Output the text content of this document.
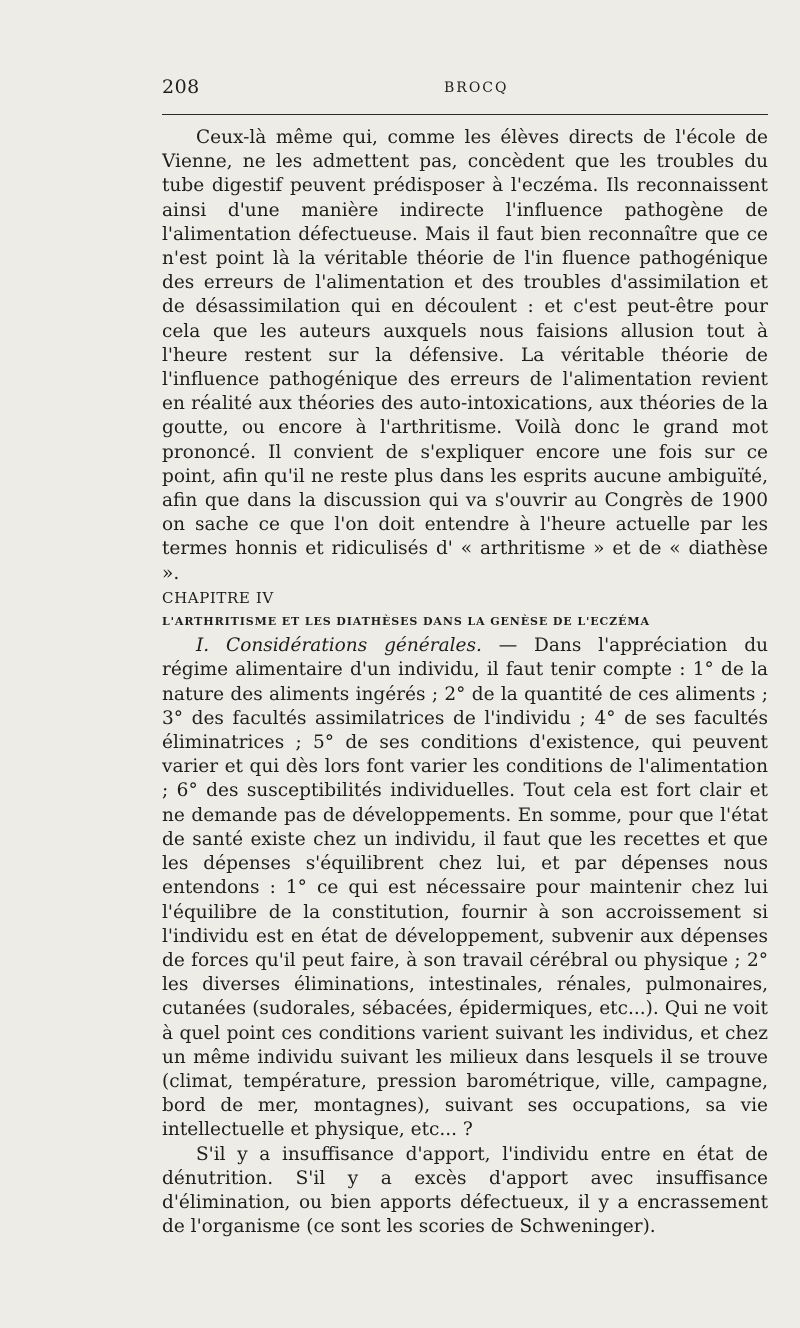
208	BROCQ

Ceux-là même qui, comme les élèves directs de l'école de Vienne, ne les admettent pas, concèdent que les troubles du tube digestif peuvent prédisposer à l'eczéma. Ils reconnaissent ainsi d'une manière indirecte l'influence pathogène de l'alimentation défectueuse. Mais il faut bien reconnaître que ce n'est point là la véritable théorie de l'in fluence pathogénique des erreurs de l'alimentation et des troubles d'assimilation et de désassimilation qui en découlent : et c'est peut-être pour cela que les auteurs auxquels nous faisions allusion tout à l'heure restent sur la défensive. La véritable théorie de l'influence pathogénique des erreurs de l'alimentation revient en réalité aux théories des auto-intoxications, aux théories de la goutte, ou encore à l'arthritisme. Voilà donc le grand mot prononcé. Il convient de s'expliquer encore une fois sur ce point, afin qu'il ne reste plus dans les esprits aucune ambiguïté, afin que dans la discussion qui va s'ouvrir au Congrès de 1900 on sache ce que l'on doit entendre à l'heure actuelle par les termes honnis et ridiculisés d' « arthritisme » et de « diathèse ».

CHAPITRE IV

L'ARTHRITISME ET LES DIATHÈSES DANS LA GENÈSE DE L'ECZÉMA

I. Considérations générales. — Dans l'appréciation du régime alimentaire d'un individu, il faut tenir compte : 1° de la nature des aliments ingérés ; 2° de la quantité de ces aliments ; 3° des facultés assimilatrices de l'individu ; 4° de ses facultés éliminatrices ; 5° de ses conditions d'existence, qui peuvent varier et qui dès lors font varier les conditions de l'alimentation ; 6° des susceptibilités individuelles. Tout cela est fort clair et ne demande pas de développements. En somme, pour que l'état de santé existe chez un individu, il faut que les recettes et que les dépenses s'équilibrent chez lui, et par dépenses nous entendons : 1° ce qui est nécessaire pour maintenir chez lui l'équilibre de la constitution, fournir à son accroissement si l'individu est en état de développement, subvenir aux dépenses de forces qu'il peut faire, à son travail cérébral ou physique ; 2° les diverses éliminations, intestinales, rénales, pulmonaires, cutanées (sudorales, sébacées, épidermiques, etc...). Qui ne voit à quel point ces conditions varient suivant les individus, et chez un même individu suivant les milieux dans lesquels il se trouve (climat, température, pression barométrique, ville, campagne, bord de mer, montagnes), suivant ses occupations, sa vie intellectuelle et physique, etc... ?

S'il y a insuffisance d'apport, l'individu entre en état de dénutrition. S'il y a excès d'apport avec insuffisance d'élimination, ou bien apports défectueux, il y a encrassement de l'organisme (ce sont les scories de Schweninger).
